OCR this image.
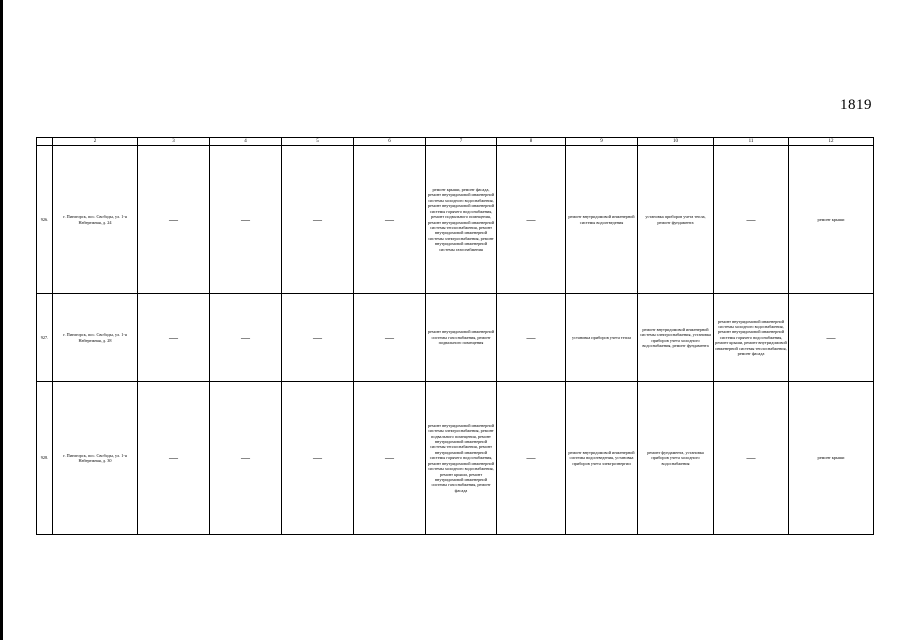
1819
	2	3	4	5	6	7	8	9	10	11	12
926.	г. Пятигорск, пос. Свободы, ул. 1-я Набережная, д. 24	—	—	—	—	ремонт крыши, ремонт фасада, ремонт внутридомовой инженерной системы холодного водоснабжения, ремонт внутридомовой инженерной системы горячего водоснабжения, ремонт подвального помещения, ремонт внутридомовой инженерной системы теплоснабжения, ремонт внутридомовой инженерной системы электроснабжения, ремонт внутридомовой инженерной системы газоснабжения	—	ремонт внутридомовой инженерной системы водоотведения	установка приборов учета тепла, ремонт фундамента	—	ремонт крыши
927.	г. Пятигорск, пос. Свободы, ул. 1-я Набережная, д. 28	—	—	—	—	ремонт внутридомовой инженерной системы газоснабжения, ремонт подвального помещения	—	установка приборов учета тепла	ремонт внутридомовой инженерной системы электроснабжения, установка приборов учета холодного водоснабжения, ремонт фундамента	ремонт внутридомовой инженерной системы холодного водоснабжения, ремонт внутридомовой инженерной системы горячего водоснабжения, ремонт крыши, ремонт внутридомовой инженерной системы теплоснабжения, ремонт фасада	—
928.	г. Пятигорск, пос. Свободы, ул. 1-я Набережная, д. 30	—	—	—	—	ремонт внутридомовой инженерной системы электроснабжения, ремонт подвального помещения, ремонт внутридомовой инженерной системы теплоснабжения, ремонт внутридомовой инженерной системы горячего водоснабжения, ремонт внутридомовой инженерной системы холодного водоснабжения, ремонт крыши, ремонт внутридомовой инженерной системы газоснабжения, ремонт фасада	—	ремонт внутридомовой инженерной системы водоотведения, установка приборов учета электроэнергии	ремонт фундамента, установка приборов учета холодного водоснабжения	—	ремонт крыши
